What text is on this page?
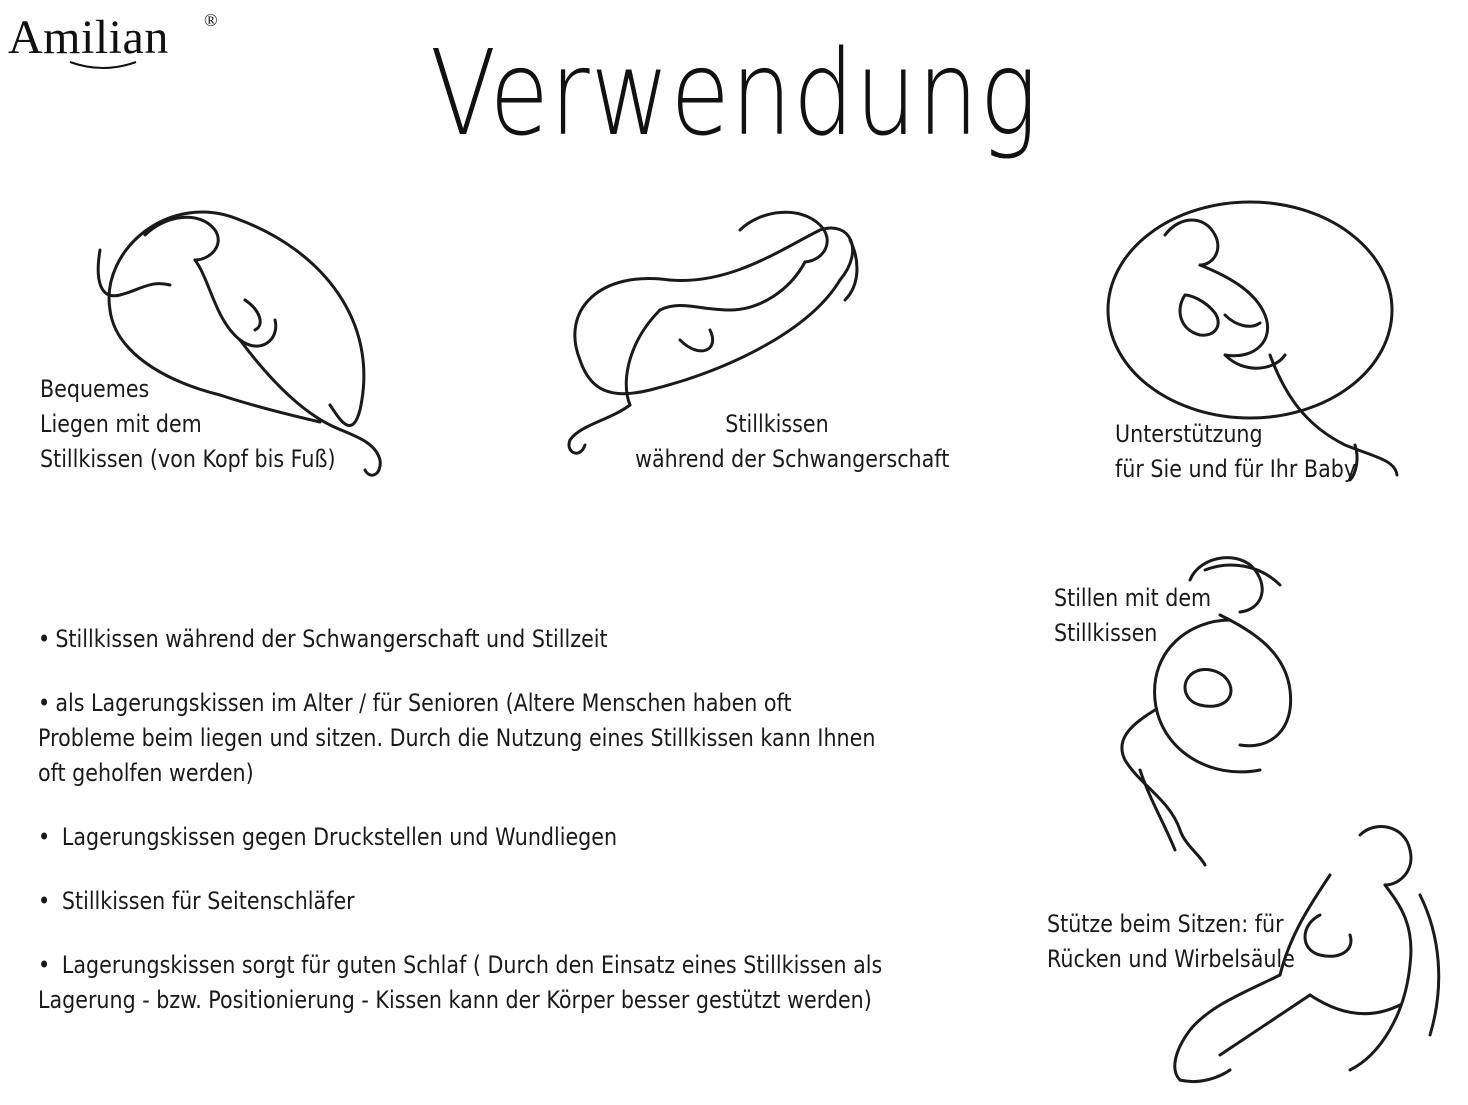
Amilian ®
Verwendung
Bequemes
Liegen mit dem
Stillkissen (von Kopf bis Fuß)
Stillkissen
während der Schwangerschaft
Unterstützung
für Sie und für Ihr Baby
Stillen mit dem
Stillkissen
Stütze beim Sitzen: für
Rücken und Wirbelsäule
• Stillkissen während der Schwangerschaft und Stillzeit
• als Lagerungskissen im Alter / für Senioren (Altere Menschen haben oft Probleme beim liegen und sitzen. Durch die Nutzung eines Stillkissen kann Ihnen oft geholfen werden)
• Lagerungskissen gegen Druckstellen und Wundliegen
• Stillkissen für Seitenschläfer
• Lagerungskissen sorgt für guten Schlaf ( Durch den Einsatz eines Stillkissen als Lagerung - bzw. Positionierung - Kissen kann der Körper besser gestützt werden)
